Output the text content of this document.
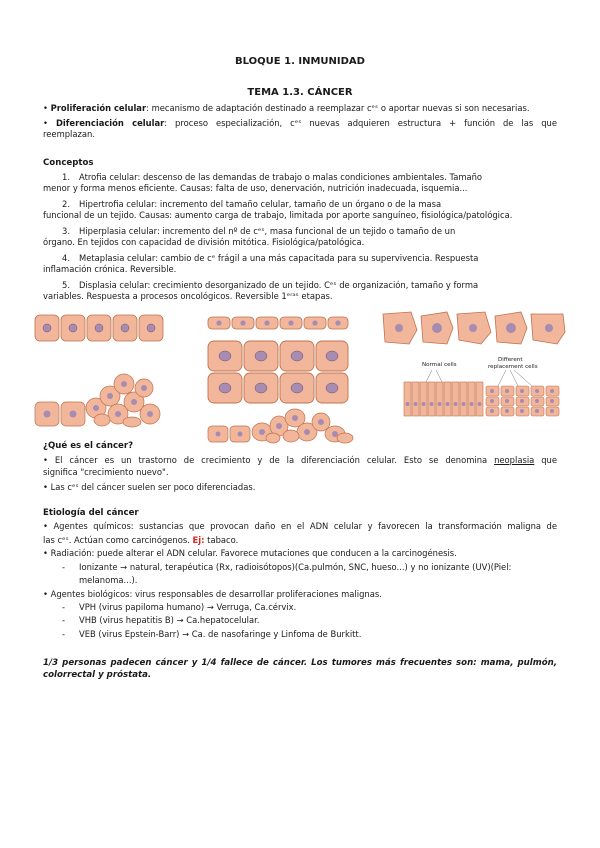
BLOQUE 1. INMUNIDAD
TEMA 1.3. CÁNCER
• Proliferación celular: mecanismo de adaptación destinado a reemplazar cᵉˢ o aportar nuevas si son necesarias.
• Diferenciación celular: proceso especialización, cᵉˢ nuevas adquieren estructura + función de las que
reemplazan.
Conceptos
1. Atrofia celular: descenso de las demandas de trabajo o malas condiciones ambientales. Tamaño
menor y forma menos eficiente. Causas: falta de uso, denervación, nutrición inadecuada, isquemia...
2. Hipertrofia celular: incremento del tamaño celular, tamaño de un órgano o de la masa
funcional de un tejido. Causas: aumento carga de trabajo, limitada por aporte sanguíneo, fisiológica/patológica.
3. Hiperplasia celular: incremento del nº de cᵉˢ, masa funcional de un tejido o tamaño de un
órgano. En tejidos con capacidad de división mitótica. Fisiológica/patológica.
4. Metaplasia celular: cambio de cᵉ frágil a una más capacitada para su supervivencia. Respuesta
inflamación crónica. Reversible.
5. Displasia celular: crecimiento desorganizado de un tejido. Cᵉˢ de organización, tamaño y forma
variables. Respuesta a procesos oncológicos. Reversible 1ᵉʳᵃˢ etapas.
Normal cells
Different
replacement cells
¿Qué es el cáncer?
• El cáncer es un trastorno de crecimiento y de la diferenciación celular. Esto se denomina neoplasia que
significa "crecimiento nuevo".
• Las cᵉˢ del cáncer suelen ser poco diferenciadas.
Etiología del cáncer
• Agentes químicos: sustancias que provocan daño en el ADN celular y favorecen la transformación maligna de
las cᵉˢ. Actúan como carcinógenos. Ej: tabaco.
• Radiación: puede alterar el ADN celular. Favorece mutaciones que conducen a la carcinogénesis.
- Ionizante → natural, terapéutica (Rx, radioisótopos)(Ca.pulmón, SNC, hueso...) y no ionizante (UV)(Piel:
melanoma...).
• Agentes biológicos: virus responsables de desarrollar proliferaciones malignas.
- VPH (virus papiloma humano) → Verruga, Ca.cérvix.
- VHB (virus hepatitis B) → Ca.hepatocelular.
- VEB (virus Epstein-Barr) → Ca. de nasofaringe y Linfoma de Burkitt.
1/3 personas padecen cáncer y 1/4 fallece de cáncer. Los tumores más frecuentes son: mama, pulmón,
colorrectal y próstata.
